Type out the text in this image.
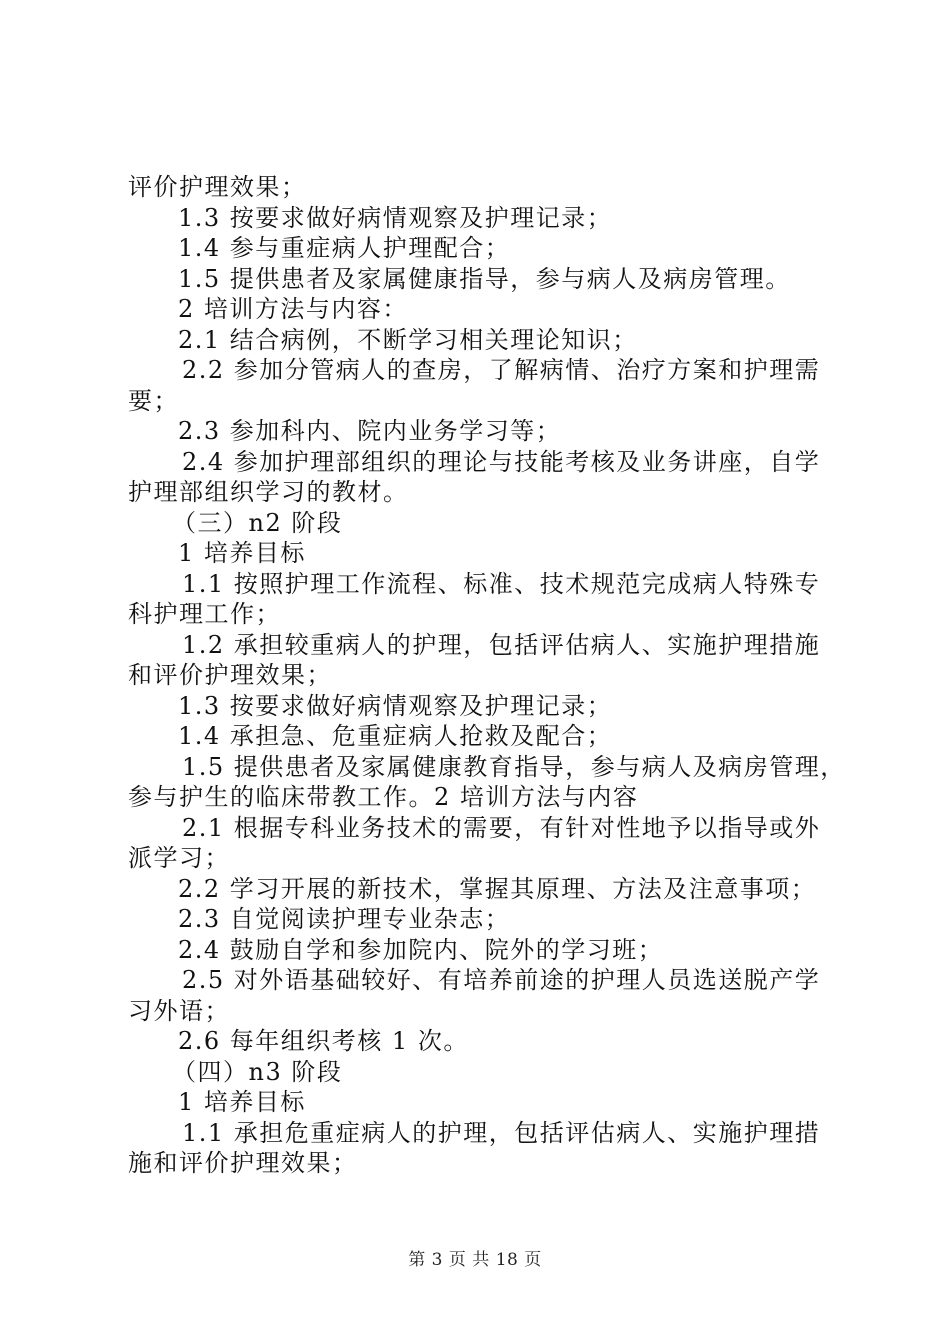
评价护理效果；
1.3 按要求做好病情观察及护理记录；
1.4 参与重症病人护理配合；
1.5 提供患者及家属健康指导，参与病人及病房管理。
2 培训方法与内容：
2.1 结合病例，不断学习相关理论知识；
2.2 参加分管病人的查房，了解病情、治疗方案和护理需
要；
2.3 参加科内、院内业务学习等；
2.4 参加护理部组织的理论与技能考核及业务讲座，自学
护理部组织学习的教材。
（三）n2 阶段
1 培养目标
1.1 按照护理工作流程、标准、技术规范完成病人特殊专
科护理工作；
1.2 承担较重病人的护理，包括评估病人、实施护理措施
和评价护理效果；
1.3 按要求做好病情观察及护理记录；
1.4 承担急、危重症病人抢救及配合；
1.5 提供患者及家属健康教育指导，参与病人及病房管理，
参与护生的临床带教工作。2 培训方法与内容
2.1 根据专科业务技术的需要，有针对性地予以指导或外
派学习；
2.2 学习开展的新技术，掌握其原理、方法及注意事项；
2.3 自觉阅读护理专业杂志；
2.4 鼓励自学和参加院内、院外的学习班；
2.5 对外语基础较好、有培养前途的护理人员选送脱产学
习外语；
2.6 每年组织考核 1 次。
（四）n3 阶段
1 培养目标
1.1 承担危重症病人的护理，包括评估病人、实施护理措
施和评价护理效果；
第 3 页 共 18 页
